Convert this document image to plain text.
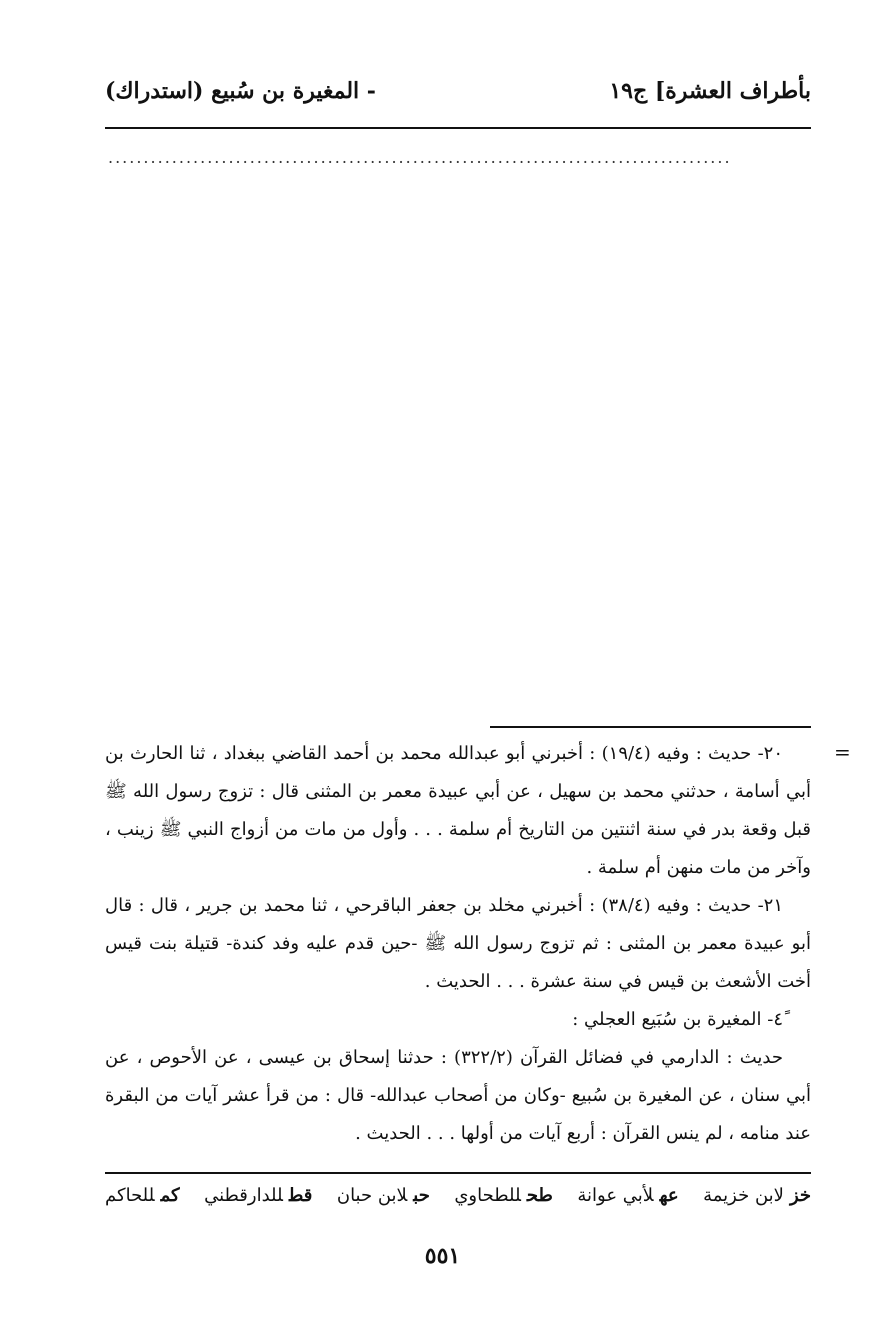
بأطراف العشرة] ج١٩
- المغيرة بن سُبيع (استدراك)
........................................................................................
=

٢٠- حديث : وفيه (١٩/٤) : أخبرني أبو عبدالله محمد بن أحمد القاضي ببغداد ، ثنا الحارث بن أبي أسامة ، حدثني محمد بن سهيل ، عن أبي عبيدة معمر بن المثنى قال : تزوج رسول الله ﷺ قبل وقعة بدر في سنة اثنتين من التاريخ أم سلمة . . . وأول من مات من أزواج النبي ﷺ زينب ، وآخر من مات منهن أم سلمة .

٢١- حديث : وفيه (٣٨/٤) : أخبرني مخلد بن جعفر الباقرحي ، ثنا محمد بن جرير ، قال : قال أبو عبيدة معمر بن المثنى : ثم تزوج رسول الله ﷺ -حين قدم عليه وفد كندة- قتيلة بنت قيس أخت الأشعث بن قيس في سنة عشرة . . . الحديث .

٤ً- المغيرة بن سُبَيع العجلي :

حديث : الدارمي في فضائل القرآن (٣٢٢/٢) : حدثنا إسحاق بن عيسى ، عن الأحوص ، عن أبي سنان ، عن المغيرة بن سُبيع -وكان من أصحاب عبدالله- قال : من قرأ عشر آيات من البقرة عند منامه ، لم ينس القرآن : أربع آيات من أولها . . . الحديث .

خزلابن خزيمة
عهلأبي عوانة
طحللطحاوي
حبلابن حبان
قطللدارقطني
كمللحاكم
٥٥١
